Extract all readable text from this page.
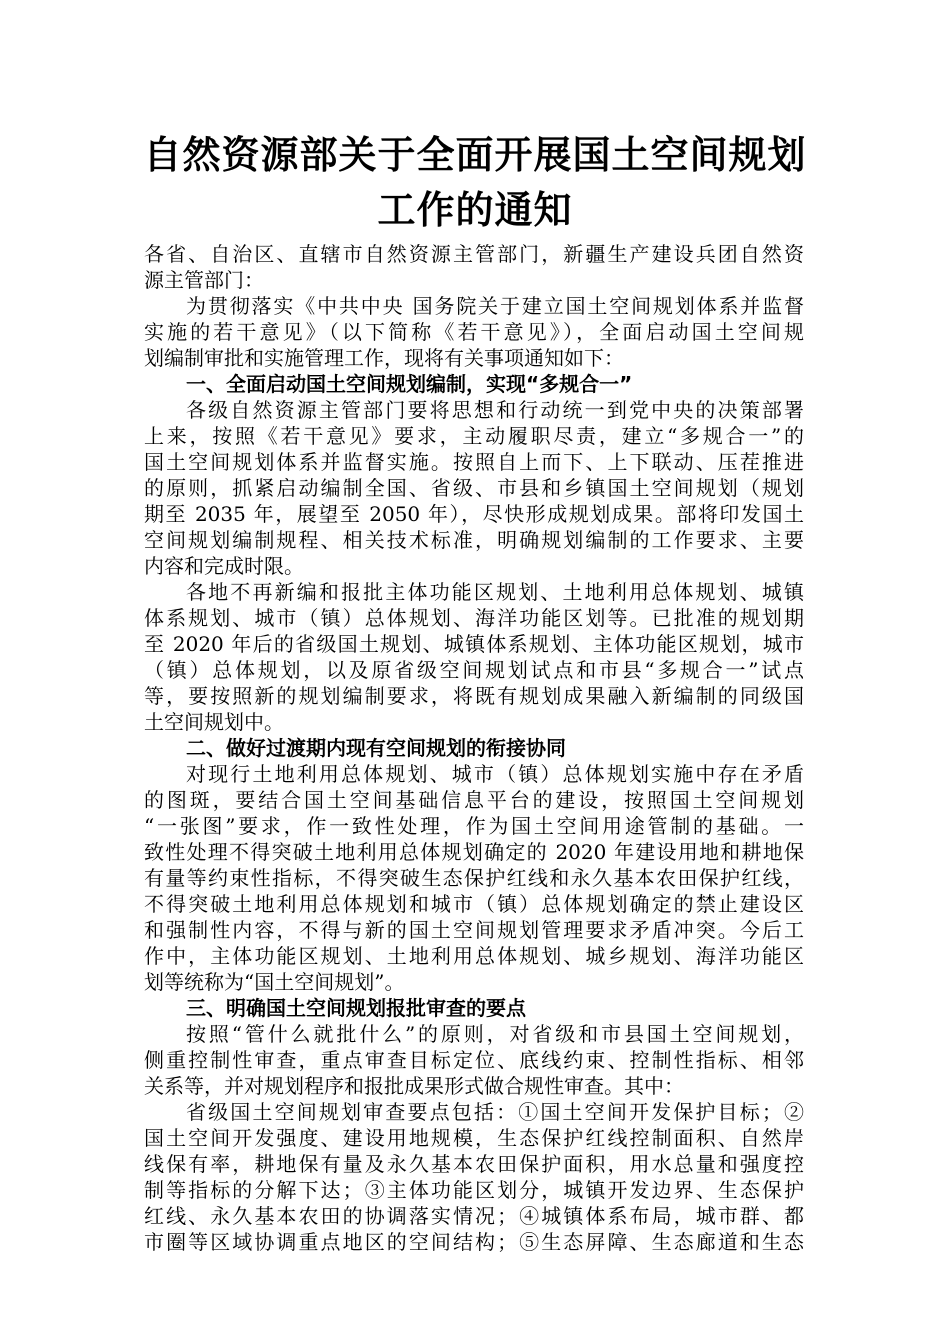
自然资源部关于全面开展国土空间规划
工作的通知
各省、自治区、直辖市自然资源主管部门，新疆生产建设兵团自然资
源主管部门：
为贯彻落实《中共中央 国务院关于建立国土空间规划体系并监督
实施的若干意见》（以下简称《若干意见》），全面启动国土空间规
划编制审批和实施管理工作，现将有关事项通知如下：
一、全面启动国土空间规划编制，实现“多规合一”
各级自然资源主管部门要将思想和行动统一到党中央的决策部署
上来，按照《若干意见》要求，主动履职尽责，建立“多规合一”的
国土空间规划体系并监督实施。按照自上而下、上下联动、压茬推进
的原则，抓紧启动编制全国、省级、市县和乡镇国土空间规划（规划
期至 2035 年，展望至 2050 年），尽快形成规划成果。部将印发国土
空间规划编制规程、相关技术标准，明确规划编制的工作要求、主要
内容和完成时限。
各地不再新编和报批主体功能区规划、土地利用总体规划、城镇
体系规划、城市（镇）总体规划、海洋功能区划等。已批准的规划期
至 2020 年后的省级国土规划、城镇体系规划、主体功能区规划，城市
（镇）总体规划，以及原省级空间规划试点和市县“多规合一”试点
等，要按照新的规划编制要求，将既有规划成果融入新编制的同级国
土空间规划中。
二、做好过渡期内现有空间规划的衔接协同
对现行土地利用总体规划、城市（镇）总体规划实施中存在矛盾
的图斑，要结合国土空间基础信息平台的建设，按照国土空间规划
“一张图”要求，作一致性处理，作为国土空间用途管制的基础。一
致性处理不得突破土地利用总体规划确定的 2020 年建设用地和耕地保
有量等约束性指标，不得突破生态保护红线和永久基本农田保护红线，
不得突破土地利用总体规划和城市（镇）总体规划确定的禁止建设区
和强制性内容，不得与新的国土空间规划管理要求矛盾冲突。今后工
作中，主体功能区规划、土地利用总体规划、城乡规划、海洋功能区
划等统称为“国土空间规划”。
三、明确国土空间规划报批审查的要点
按照“管什么就批什么”的原则，对省级和市县国土空间规划，
侧重控制性审查，重点审查目标定位、底线约束、控制性指标、相邻
关系等，并对规划程序和报批成果形式做合规性审查。其中：
省级国土空间规划审查要点包括：①国土空间开发保护目标；②
国土空间开发强度、建设用地规模，生态保护红线控制面积、自然岸
线保有率，耕地保有量及永久基本农田保护面积，用水总量和强度控
制等指标的分解下达；③主体功能区划分，城镇开发边界、生态保护
红线、永久基本农田的协调落实情况；④城镇体系布局，城市群、都
市圈等区域协调重点地区的空间结构；⑤生态屏障、生态廊道和生态
